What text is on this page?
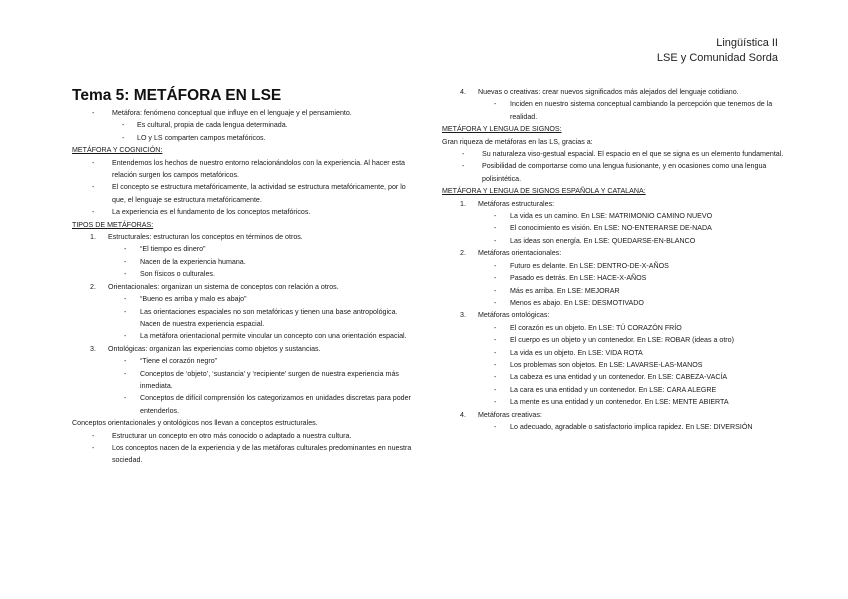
Lingüística II
LSE y Comunidad Sorda
Tema 5: METÁFORA EN LSE
-	Metáfora: fenómeno conceptual que influye en el lenguaje y el pensamiento.
-	Es cultural, propia de cada lengua determinada.
-	LO y LS comparten campos metafóricos.
METÁFORA Y COGNICIÓN:
-	Entendemos los hechos de nuestro entorno relacionándolos con la experiencia. Al hacer esta relación surgen los campos metafóricos.
-	El concepto se estructura metafóricamente, la actividad se estructura metafóricamente, por lo que, el lenguaje se estructura metafóricamente.
-	La experiencia es el fundamento de los conceptos metafóricos.
TIPOS DE METÁFORAS:
1.	Estructurales: estructuran los conceptos en términos de otros.
-	“El tiempo es dinero”
-	Nacen de la experiencia humana.
-	Son físicos o culturales.
2.	Orientacionales: organizan un sistema de conceptos con relación a otros.
-	“Bueno es arriba y malo es abajo”
-	Las orientaciones espaciales no son metafóricas y tienen una base antropológica. Nacen de nuestra experiencia espacial.
-	La metáfora orientacional permite vincular un concepto con una orientación espacial.
3.	Ontológicas: organizan las experiencias como objetos y sustancias.
-	“Tiene el corazón negro”
-	Conceptos de ‘objeto’, ‘sustancia’ y ‘recipiente’ surgen de nuestra experiencia más inmediata.
-	Conceptos de difícil comprensión los categorizamos en unidades discretas para poder entenderlos.
Conceptos orientacionales y ontológicos nos llevan a conceptos estructurales.
-	Estructurar un concepto en otro más conocido o adaptado a nuestra cultura.
-	Los conceptos nacen de la experiencia y de las metáforas culturales predominantes en nuestra sociedad.
4.	Nuevas o creativas: crear nuevos significados más alejados del lenguaje cotidiano.
-	Inciden en nuestro sistema conceptual cambiando la percepción que tenemos de la realidad.
METÁFORA Y LENGUA DE SIGNOS:
Gran riqueza de metáforas en las LS, gracias a:
-	Su naturaleza viso-gestual espacial. El espacio en el que se signa es un elemento fundamental.
-	Posibilidad de comportarse como una lengua fusionante, y en ocasiones como una lengua polisintética.
METÁFORA Y LENGUA DE SIGNOS ESPAÑOLA Y CATALANA:
1.	Metáforas estructurales:
-	La vida es un camino. En LSE: MATRIMONIO CAMINO NUEVO
-	El conocimiento es visión. En LSE: NO-ENTERARSE DE-NADA
-	Las ideas son energía. En LSE: QUEDARSE-EN-BLANCO
2.	Metáforas orientacionales:
-	Futuro es delante. En LSE: DENTRO-DE-X-AÑOS
-	Pasado es detrás. En LSE: HACE-X-AÑOS
-	Más es arriba. En LSE: MEJORAR
-	Menos es abajo. En LSE: DESMOTIVADO
3.	Metáforas ontológicas:
-	El corazón es un objeto. En LSE: TÚ CORAZÓN FRÍO
-	El cuerpo es un objeto y un contenedor. En LSE: ROBAR (ideas a otro)
-	La vida es un objeto. En LSE: VIDA ROTA
-	Los problemas son objetos. En LSE: LAVARSE-LAS-MANOS
-	La cabeza es una entidad y un contenedor. En LSE: CABEZA-VACÍA
-	La cara es una entidad y un contenedor. En LSE: CARA ALEGRE
-	La mente es una entidad y un contenedor. En LSE: MENTE ABIERTA
4.	Metáforas creativas:
-	Lo adecuado, agradable o satisfactorio implica rapidez. En LSE: DIVERSIÓN
